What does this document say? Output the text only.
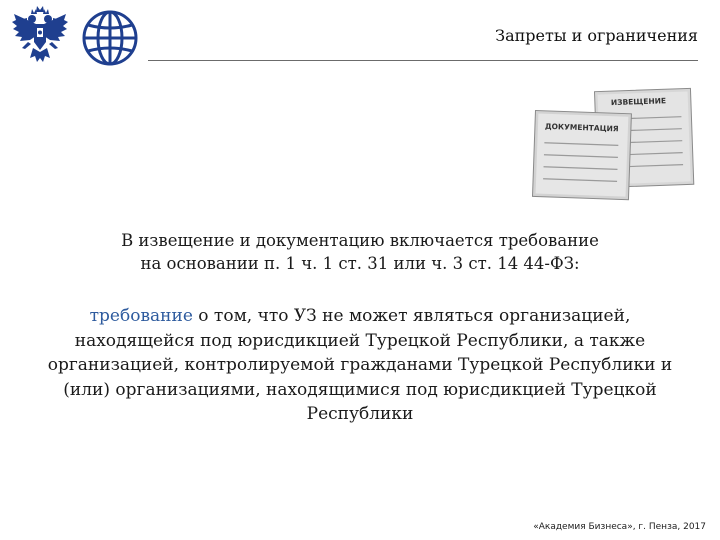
Запреты и ограничения
ИЗВЕЩЕНИЕ
ДОКУМЕНТАЦИЯ
В извещение и документацию включается требование
на основании п. 1 ч. 1 ст. 31 или ч. 3 ст. 14 44-ФЗ:
требование о том, что УЗ не может являться организацией, находящейся под юрисдикцией Турецкой Республики, а также организацией, контролируемой гражданами Турецкой Республики и (или) организациями, находящимися под юрисдикцией Турецкой Республики
«Академия Бизнеса», г. Пенза, 2017
